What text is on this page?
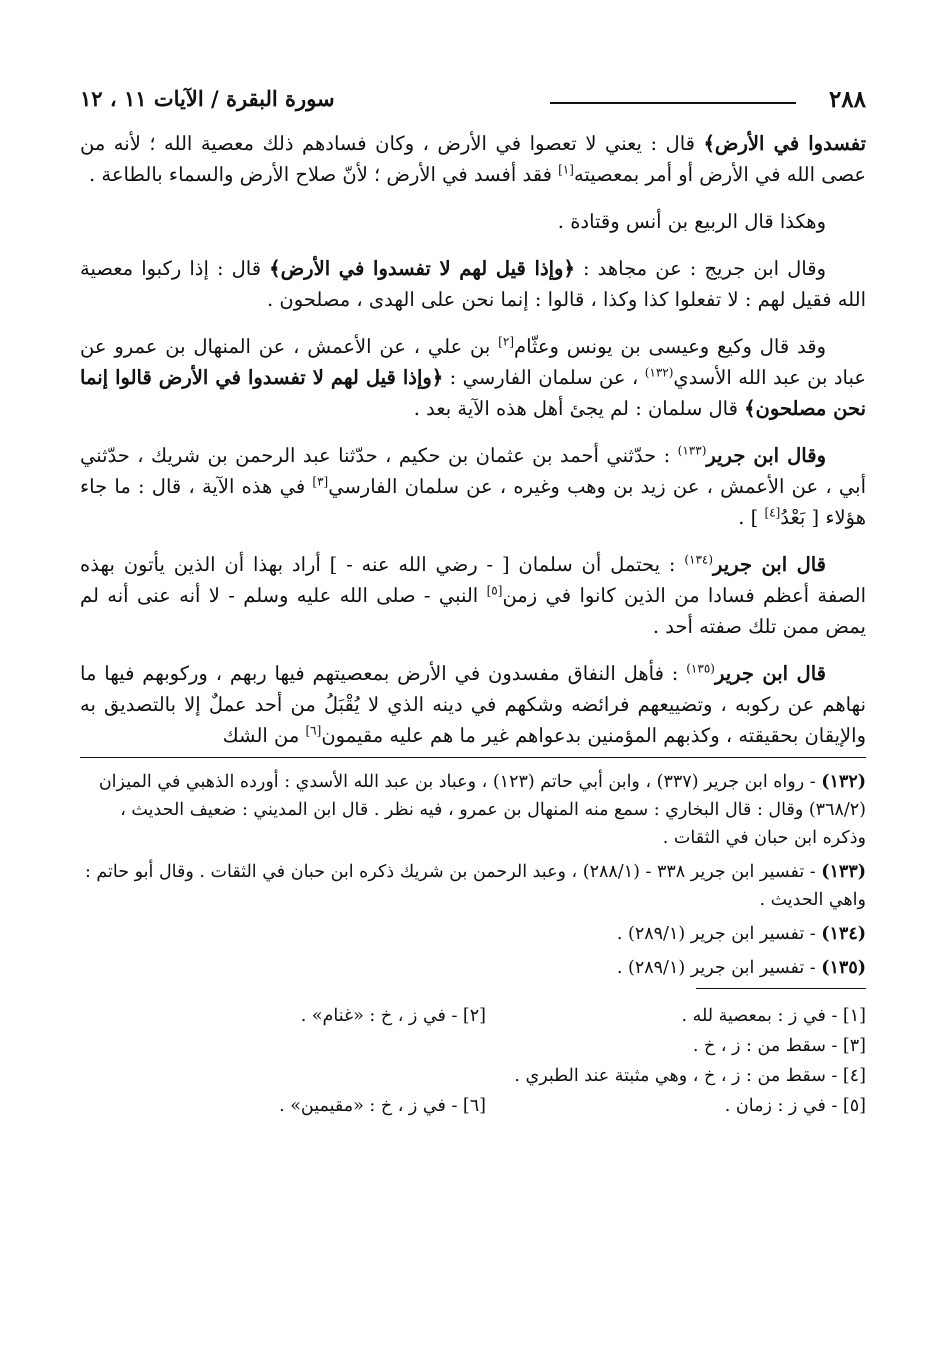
٢٨٨
سورة البقرة / الآيات ١١ ، ١٢

تفسدوا في الأرض﴾ قال : يعني لا تعصوا في الأرض ، وكان فسادهم ذلك معصية الله ؛ لأنه من عصى الله في الأرض أو أمر بمعصيته[١] فقد أفسد في الأرض ؛ لأنّ صلاح الأرض والسماء بالطاعة .

وهكذا قال الربيع بن أنس وقتادة .

وقال ابن جريج : عن مجاهد : ﴿وإذا قيل لهم لا تفسدوا في الأرض﴾ قال : إذا ركبوا معصية الله فقيل لهم : لا تفعلوا كذا وكذا ، قالوا : إنما نحن على الهدى ، مصلحون .

وقد قال وكيع وعيسى بن يونس وعثّام[٢] بن علي ، عن الأعمش ، عن المنهال بن عمرو عن عباد بن عبد الله الأسدي$^{(١٣٢)}$ ، عن سلمان الفارسي : ﴿وإذا قيل لهم لا تفسدوا في الأرض قالوا إنما نحن مصلحون﴾ قال سلمان : لم يجئ أهل هذه الآية بعد .

وقال ابن جرير$^{(١٣٣)}$ : حدّثني أحمد بن عثمان بن حكيم ، حدّثنا عبد الرحمن بن شريك ، حدّثني أبي ، عن الأعمش ، عن زيد بن وهب وغيره ، عن سلمان الفارسي[٣] في هذه الآية ، قال : ما جاء هؤلاء [ بَعْدُ[٤] ] .

قال ابن جرير$^{(١٣٤)}$ : يحتمل أن سلمان [ - رضي الله عنه - ] أراد بهذا أن الذين يأتون بهذه الصفة أعظم فسادا من الذين كانوا في زمن[٥] النبي - صلى الله عليه وسلم - لا أنه عنى أنه لم يمض ممن تلك صفته أحد .

قال ابن جرير$^{(١٣٥)}$ : فأهل النفاق مفسدون في الأرض بمعصيتهم فيها ربهم ، وركوبهم فيها ما نهاهم عن ركوبه ، وتضييعهم فرائضه وشكهم في دينه الذي لا يُقْبَلُ من أحد عملٌ إلا بالتصديق به والإيقان بحقيقته ، وكذبهم المؤمنين بدعواهم غير ما هم عليه مقيمون[٦] من الشك

(١٣٢) - رواه ابن جرير (٣٣٧) ، وابن أبي حاتم (١٢٣) ، وعباد بن عبد الله الأسدي : أورده الذهبي في الميزان (٣٦٨/٢) وقال : قال البخاري : سمع منه المنهال بن عمرو ، فيه نظر . قال ابن المديني : ضعيف الحديث ، وذكره ابن حبان في الثقات .

(١٣٣) - تفسير ابن جرير ٣٣٨ - (٢٨٨/١) ، وعبد الرحمن بن شريك ذكره ابن حبان في الثقات . وقال أبو حاتم : واهي الحديث .

(١٣٤) - تفسير ابن جرير (٢٨٩/١) .

(١٣٥) - تفسير ابن جرير (٢٨٩/١) .

[١] - في ز : بمعصية لله .
[٢] - في ز ، خ : «غنام» .
[٣] - سقط من : ز ، خ .
[٤] - سقط من : ز ، خ ، وهي مثبتة عند الطبري .
[٥] - في ز : زمان .
[٦] - في ز ، خ : «مقيمين» .
